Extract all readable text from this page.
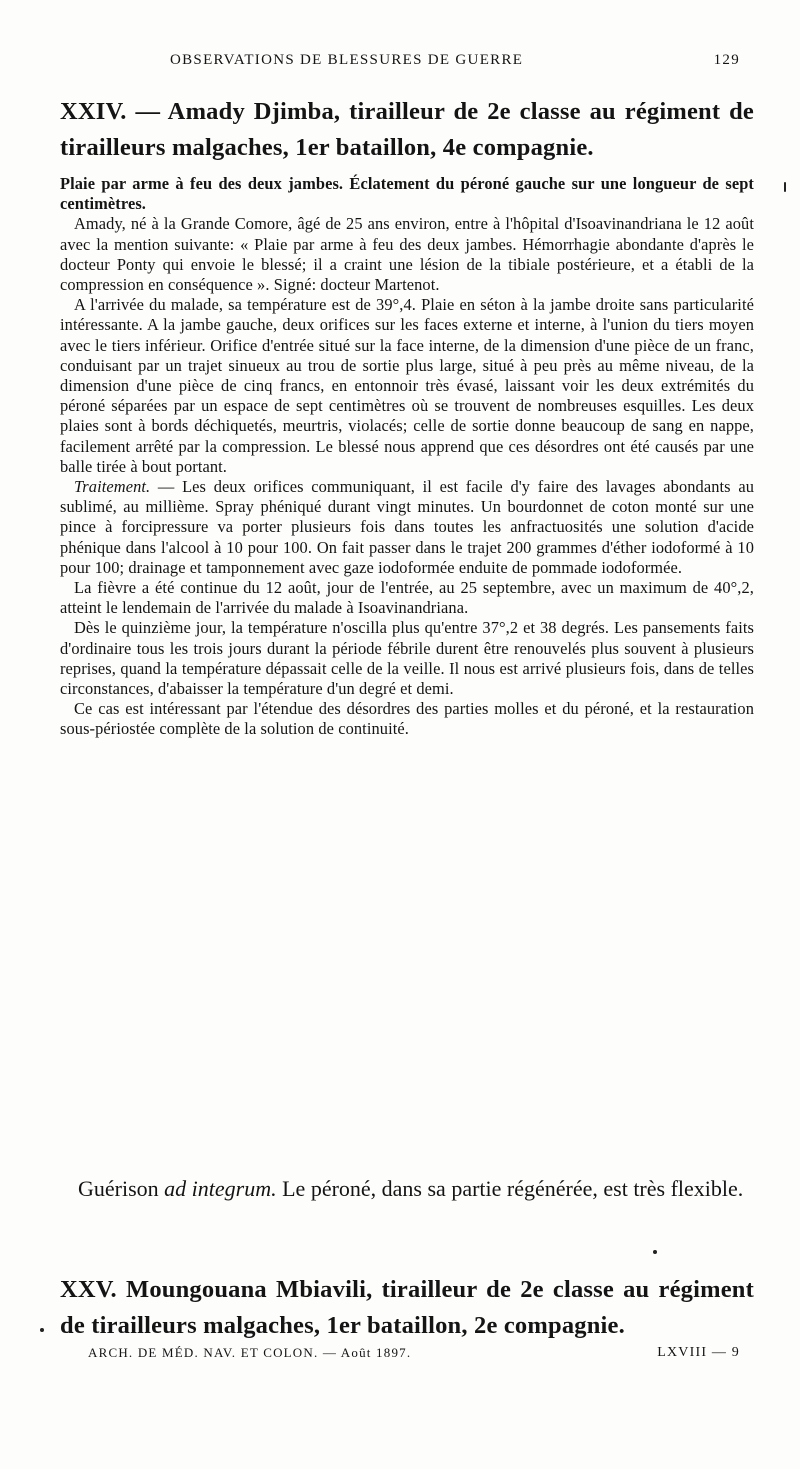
OBSERVATIONS DE BLESSURES DE GUERRE	129
XXIV. — Amady Djimba, tirailleur de 2e classe au régiment de tirailleurs malgaches, 1er bataillon, 4e compagnie.

Plaie par arme à feu des deux jambes. Éclatement du péroné gauche sur une longueur de sept centimètres.

Amady, né à la Grande Comore, âgé de 25 ans environ, entre à l'hôpital d'Isoavinandriana le 12 août avec la mention suivante: « Plaie par arme à feu des deux jambes. Hémorrhagie abondante d'après le docteur Ponty qui envoie le blessé; il a craint une lésion de la tibiale postérieure, et a établi de la compression en conséquence ». Signé: docteur Martenot.

A l'arrivée du malade, sa température est de 39°,4. Plaie en séton à la jambe droite sans particularité intéressante. A la jambe gauche, deux orifices sur les faces externe et interne, à l'union du tiers moyen avec le tiers inférieur. Orifice d'entrée situé sur la face interne, de la dimension d'une pièce de un franc, conduisant par un trajet sinueux au trou de sortie plus large, situé à peu près au même niveau, de la dimension d'une pièce de cinq francs, en entonnoir très évasé, laissant voir les deux extrémités du péroné séparées par un espace de sept centimètres où se trouvent de nombreuses esquilles. Les deux plaies sont à bords déchiquetés, meurtris, violacés; celle de sortie donne beaucoup de sang en nappe, facilement arrêté par la compression. Le blessé nous apprend que ces désordres ont été causés par une balle tirée à bout portant.

Traitement. — Les deux orifices communiquant, il est facile d'y faire des lavages abondants au sublimé, au millième. Spray phéniqué durant vingt minutes. Un bourdonnet de coton monté sur une pince à forcipressure va porter plusieurs fois dans toutes les anfractuosités une solution d'acide phénique dans l'alcool à 10 pour 100. On fait passer dans le trajet 200 grammes d'éther iodoformé à 10 pour 100; drainage et tamponnement avec gaze iodoformée enduite de pommade iodoformée.

La fièvre a été continue du 12 août, jour de l'entrée, au 25 septembre, avec un maximum de 40°,2, atteint le lendemain de l'arrivée du malade à Isoavinandriana.

Dès le quinzième jour, la température n'oscilla plus qu'entre 37°,2 et 38 degrés. Les pansements faits d'ordinaire tous les trois jours durant la période fébrile durent être renouvelés plus souvent à plusieurs reprises, quand la température dépassait celle de la veille. Il nous est arrivé plusieurs fois, dans de telles circonstances, d'abaisser la température d'un degré et demi.

Ce cas est intéressant par l'étendue des désordres des parties molles et du péroné, et la restauration sous-périostée complète de la solution de continuité.

Guérison ad integrum. Le péroné, dans sa partie régénérée, est très flexible.

XXV. Moungouana Mbiavili, tirailleur de 2e classe au régiment de tirailleurs malgaches, 1er bataillon, 2e compagnie.
ARCH. DE MÉD. NAV. ET COLON. — Août 1897.	LXVIII — 9
